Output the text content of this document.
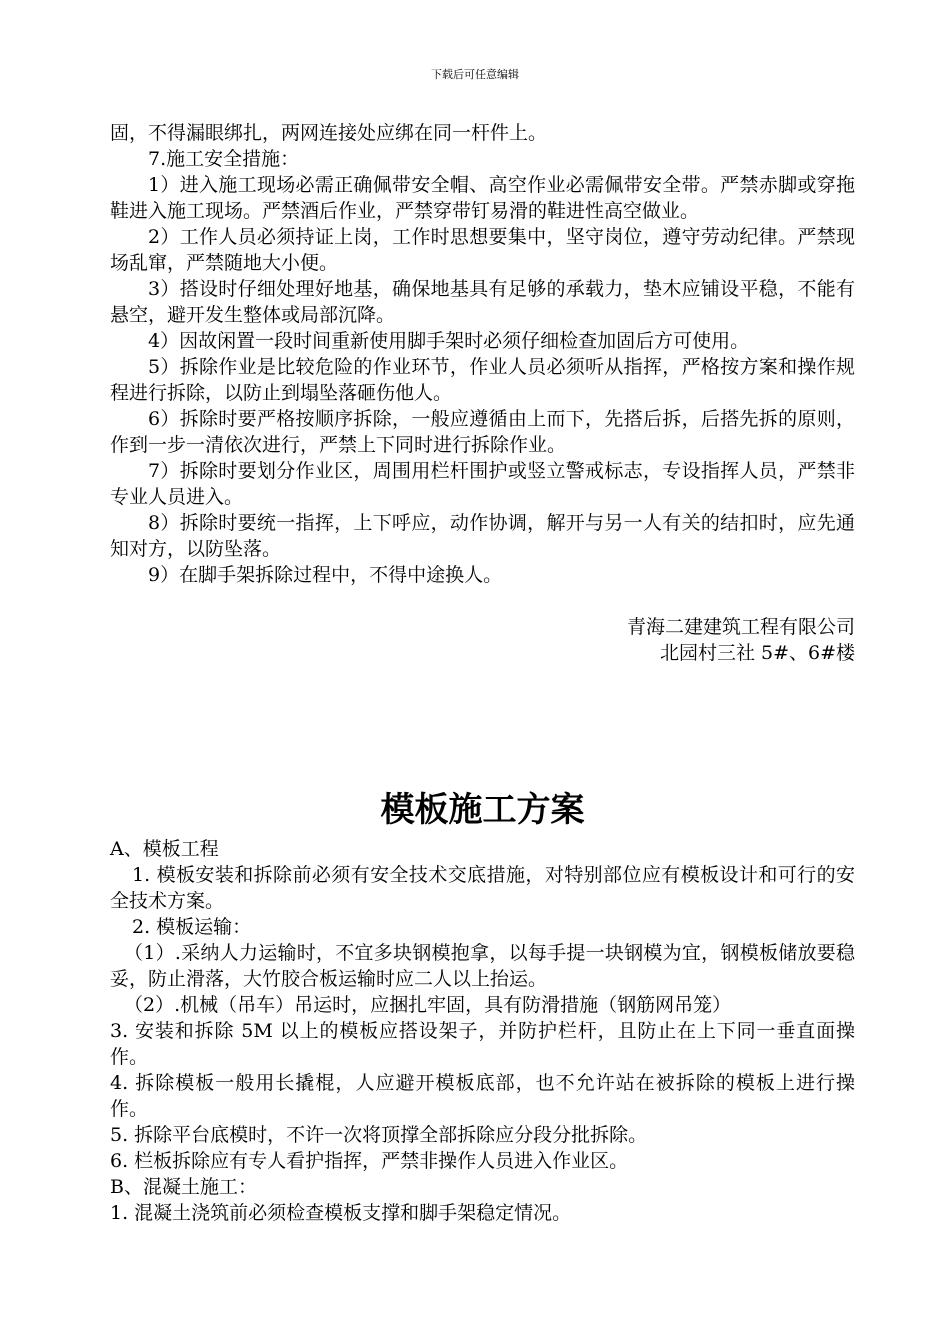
下载后可任意编辑

固，不得漏眼绑扎，两网连接处应绑在同一杆件上。

7.施工安全措施：

1）进入施工现场必需正确佩带安全帽、高空作业必需佩带安全带。严禁赤脚或穿拖鞋进入施工现场。严禁酒后作业，严禁穿带钉易滑的鞋进性高空做业。

2）工作人员必须持证上岗，工作时思想要集中，坚守岗位，遵守劳动纪律。严禁现场乱窜，严禁随地大小便。

3）搭设时仔细处理好地基，确保地基具有足够的承载力，垫木应铺设平稳，不能有悬空，避开发生整体或局部沉降。

4）因故闲置一段时间重新使用脚手架时必须仔细检查加固后方可使用。

5）拆除作业是比较危险的作业环节，作业人员必须听从指挥，严格按方案和操作规程进行拆除，以防止到塌坠落砸伤他人。

6）拆除时要严格按顺序拆除，一般应遵循由上而下，先搭后拆，后搭先拆的原则，作到一步一清依次进行，严禁上下同时进行拆除作业。

7）拆除时要划分作业区，周围用栏杆围护或竖立警戒标志，专设指挥人员，严禁非专业人员进入。

8）拆除时要统一指挥，上下呼应，动作协调，解开与另一人有关的结扣时，应先通知对方，以防坠落。

9）在脚手架拆除过程中，不得中途换人。

青海二建建筑工程有限公司

北园村三社 5#、6#楼

模板施工方案

A、模板工程

1. 模板安装和拆除前必须有安全技术交底措施，对特别部位应有模板设计和可行的安全技术方案。

2. 模板运输：

（1）.采纳人力运输时，不宜多块钢模抱拿，以每手提一块钢模为宜，钢模板储放要稳妥，防止滑落，大竹胶合板运输时应二人以上抬运。

（2）.机械（吊车）吊运时，应捆扎牢固，具有防滑措施（钢筋网吊笼）

3. 安装和拆除 5M 以上的模板应搭设架子，并防护栏杆，且防止在上下同一垂直面操作。

4. 拆除模板一般用长撬棍，人应避开模板底部，也不允许站在被拆除的模板上进行操作。

5. 拆除平台底模时，不许一次将顶撑全部拆除应分段分批拆除。

6. 栏板拆除应有专人看护指挥，严禁非操作人员进入作业区。

B、混凝土施工：

1. 混凝土浇筑前必须检查模板支撑和脚手架稳定情况。
